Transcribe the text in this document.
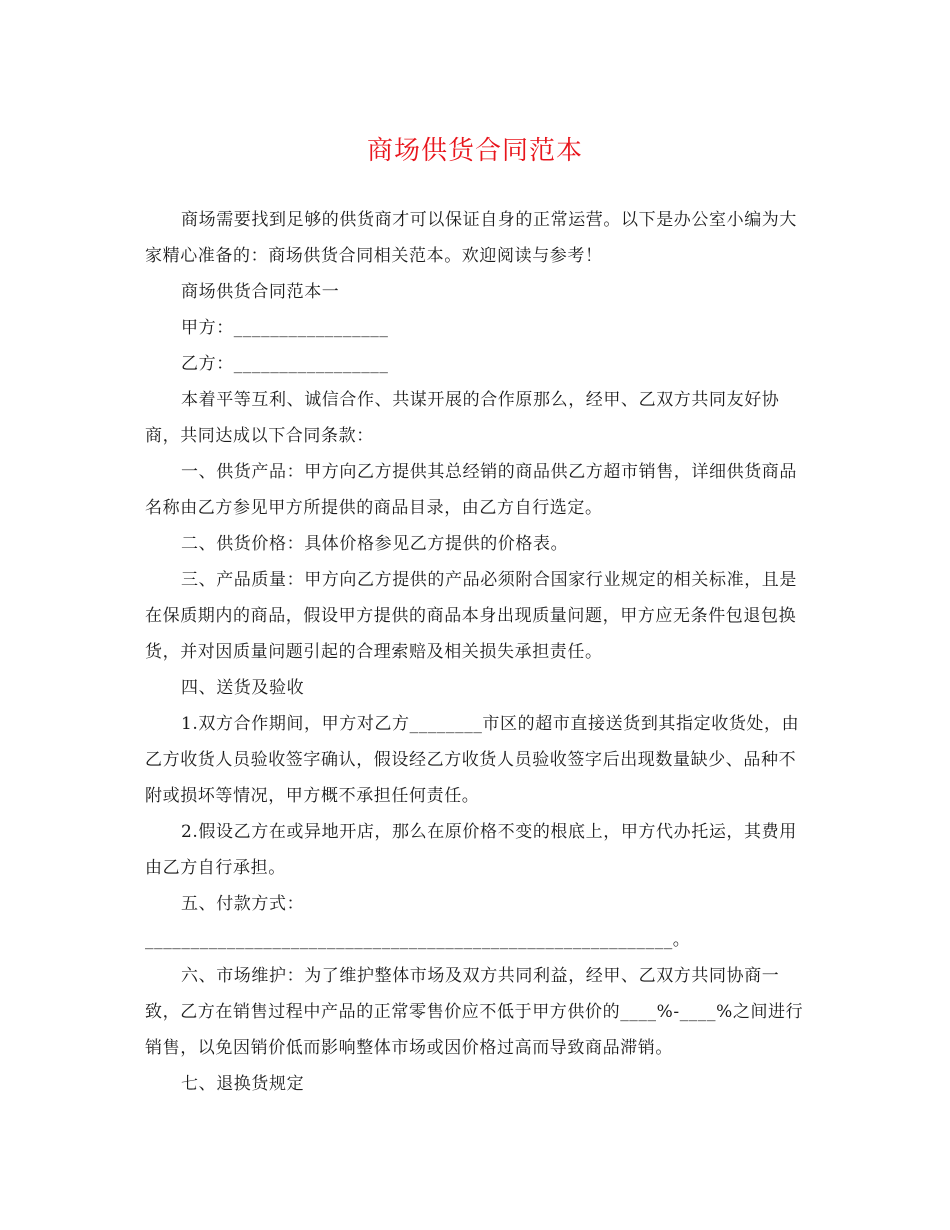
商场供货合同范本

商场需要找到足够的供货商才可以保证自身的正常运营。以下是办公室小编为大家精心准备的：商场供货合同相关范本。欢迎阅读与参考！

商场供货合同范本一

甲方：_________________

乙方：_________________

本着平等互利、诚信合作、共谋开展的合作原那么，经甲、乙双方共同友好协商，共同达成以下合同条款：

一、供货产品：甲方向乙方提供其总经销的商品供乙方超市销售，详细供货商品名称由乙方参见甲方所提供的商品目录，由乙方自行选定。

二、供货价格：具体价格参见乙方提供的价格表。

三、产品质量：甲方向乙方提供的产品必须附合国家行业规定的相关标准，且是在保质期内的商品，假设甲方提供的商品本身出现质量问题，甲方应无条件包退包换货，并对因质量问题引起的合理索赔及相关损失承担责任。

四、送货及验收

1.双方合作期间，甲方对乙方________市区的超市直接送货到其指定收货处，由乙方收货人员验收签字确认，假设经乙方收货人员验收签字后出现数量缺少、品种不附或损坏等情况，甲方概不承担任何责任。

2.假设乙方在或异地开店，那么在原价格不变的根底上，甲方代办托运，其费用由乙方自行承担。

五、付款方式：

__________________________________________________________。

六、市场维护：为了维护整体市场及双方共同利益，经甲、乙双方共同协商一致，乙方在销售过程中产品的正常零售价应不低于甲方供价的____%-____%之间进行销售，以免因销价低而影响整体市场或因价格过高而导致商品滞销。

七、退换货规定
